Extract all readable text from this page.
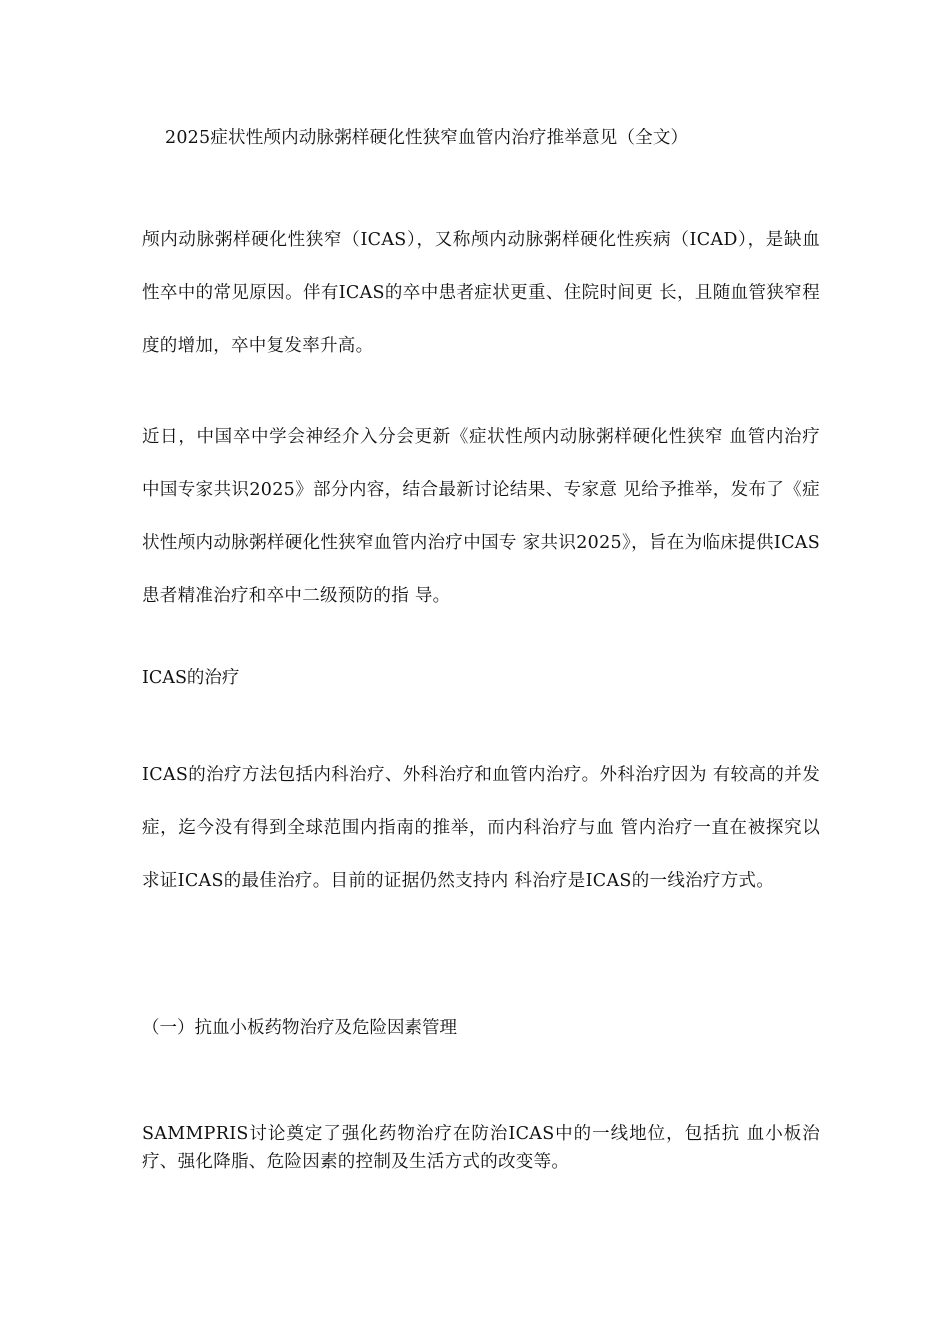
2025症状性颅内动脉粥样硬化性狭窄血管内治疗推举意见（全文）

颅内动脉粥样硬化性狭窄（ICAS），又称颅内动脉粥样硬化性疾病（ICAD），是缺血性卒中的常见原因。伴有ICAS的卒中患者症状更重、住院时间更 长，且随血管狭窄程度的增加，卒中复发率升高。

近日，中国卒中学会神经介入分会更新《症状性颅内动脉粥样硬化性狭窄 血管内治疗中国专家共识2025》部分内容，结合最新讨论结果、专家意 见给予推举，发布了《症状性颅内动脉粥样硬化性狭窄血管内治疗中国专 家共识2025》，旨在为临床提供ICAS患者精准治疗和卒中二级预防的指 导。

ICAS的治疗

ICAS的治疗方法包括内科治疗、外科治疗和血管内治疗。外科治疗因为 有较高的并发症，迄今没有得到全球范围内指南的推举，而内科治疗与血 管内治疗一直在被探究以求证ICAS的最佳治疗。目前的证据仍然支持内 科治疗是ICAS的一线治疗方式。

（一）抗血小板药物治疗及危险因素管理

SAMMPRIS讨论奠定了强化药物治疗在防治ICAS中的一线地位，包括抗 血小板治疗、强化降脂、危险因素的控制及生活方式的改变等。
